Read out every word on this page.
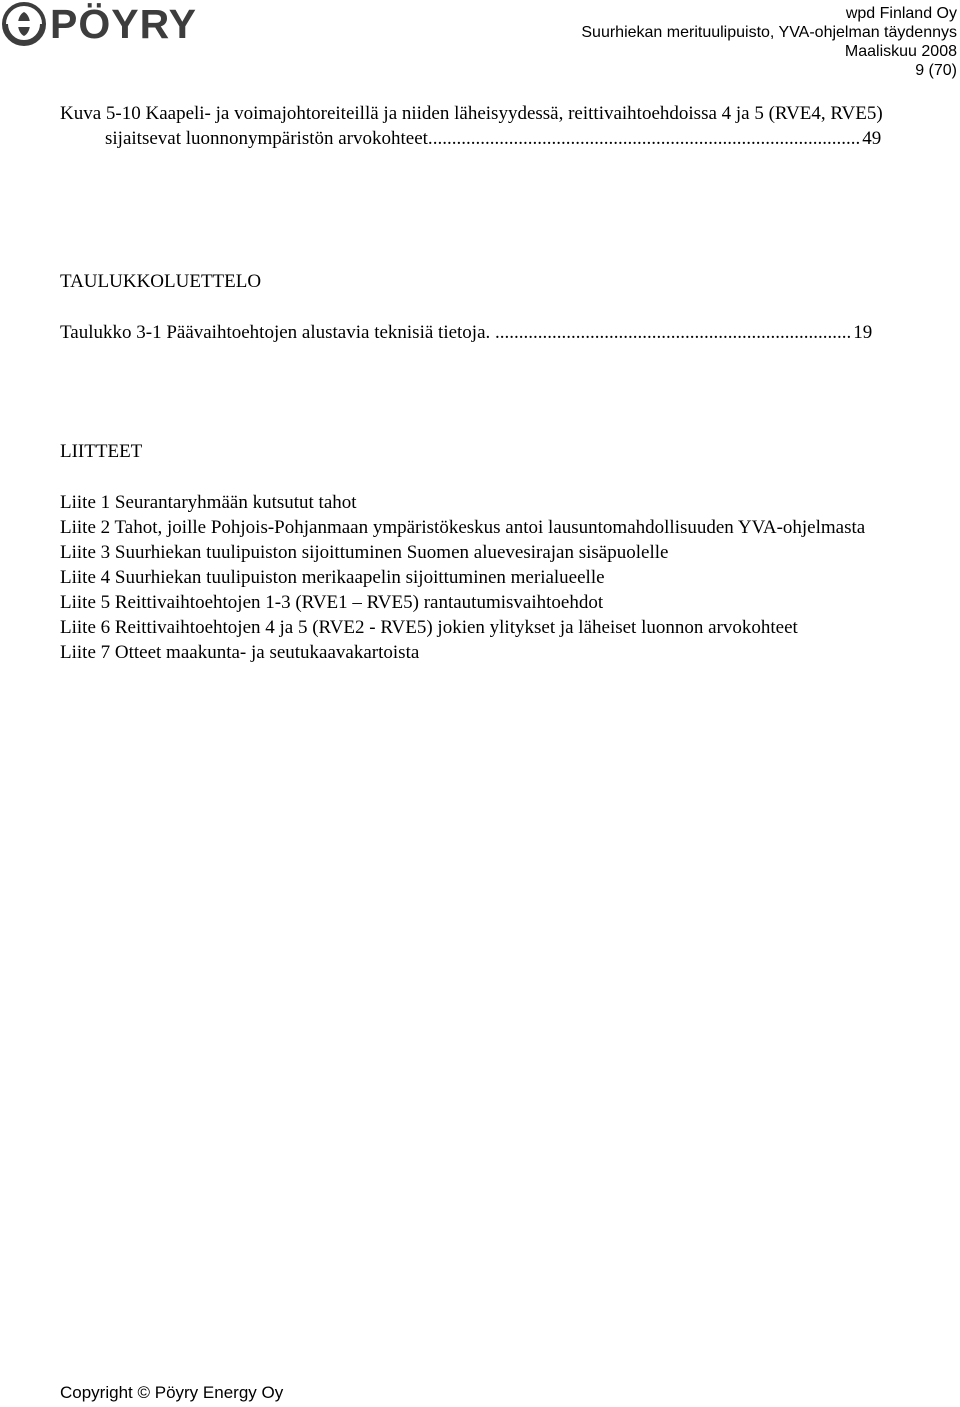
PÖYRY	wpd Finland Oy
Suurhiekan merituulipuisto, YVA-ohjelman täydennys
Maaliskuu 2008
9 (70)
Kuva 5-10 Kaapeli- ja voimajohtoreiteillä ja niiden läheisyydessä, reittivaihtoehdoissa 4 ja 5 (RVE4, RVE5) sijaitsevat luonnonympäristön arvokohteet........................................................................................... 49
TAULUKKOLUETTELO
Taulukko 3-1 Päävaihtoehtojen alustavia teknisiä tietoja. ........................................................................... 19
LIITTEET

Liite 1 Seurantaryhmään kutsutut tahot

Liite 2 Tahot, joille Pohjois-Pohjanmaan ympäristökeskus antoi lausuntomahdollisuuden YVA-ohjelmasta

Liite 3 Suurhiekan tuulipuiston sijoittuminen Suomen aluevesirajan sisäpuolelle

Liite 4 Suurhiekan tuulipuiston merikaapelin sijoittuminen merialueelle

Liite 5 Reittivaihtoehtojen 1-3 (RVE1 – RVE5) rantautumisvaihtoehdot

Liite 6 Reittivaihtoehtojen 4 ja 5 (RVE2 - RVE5) jokien ylitykset ja läheiset luonnon arvokohteet

Liite 7 Otteet maakunta- ja seutukaavakartoista

Copyright © Pöyry Energy Oy
